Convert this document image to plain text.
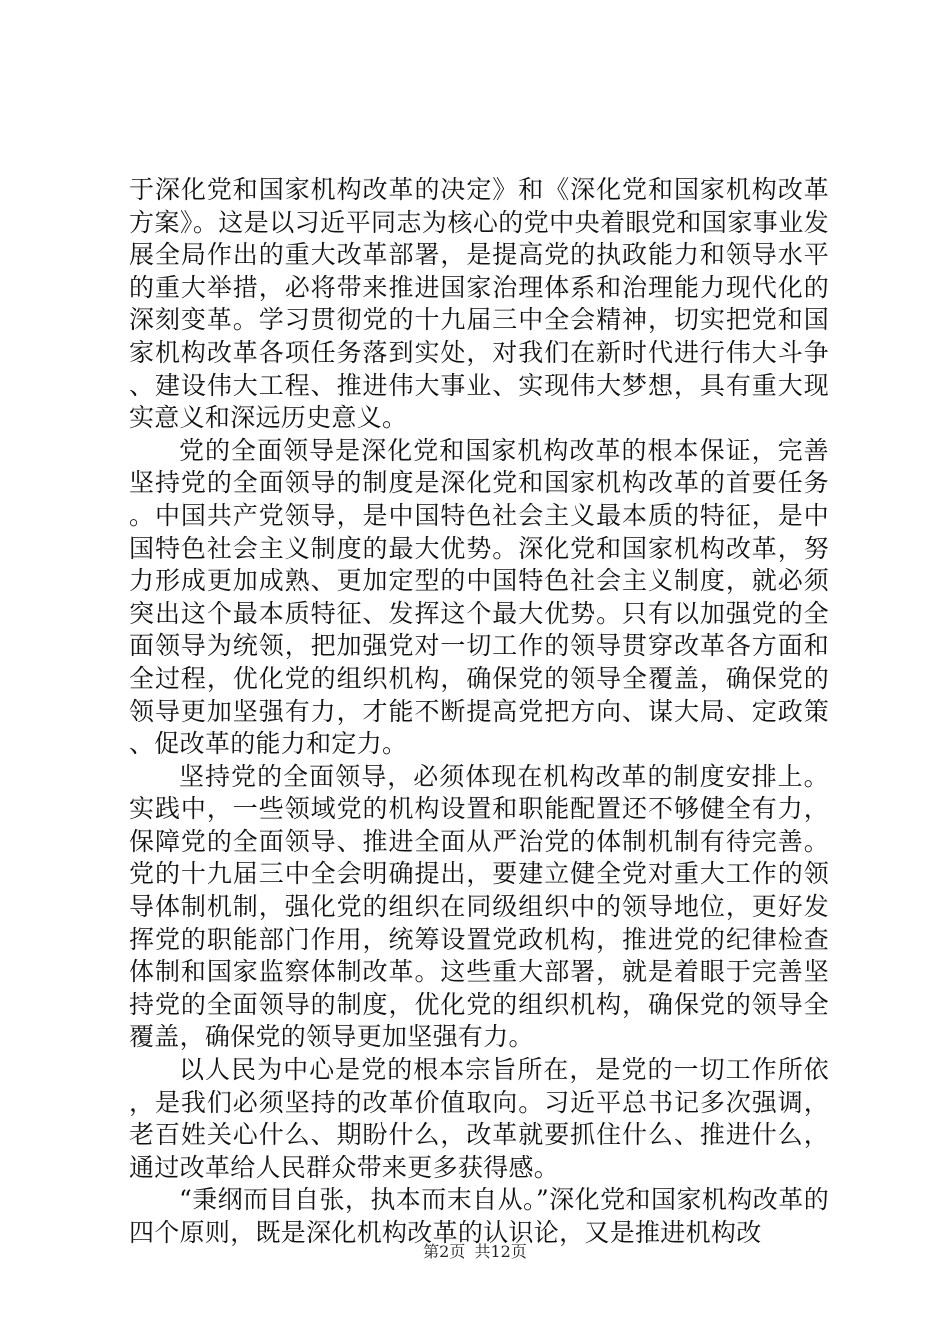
于深化党和国家机构改革的决定》和《深化党和国家机构改革方案》。这是以习近平同志为核心的党中央着眼党和国家事业发展全局作出的重大改革部署，是提高党的执政能力和领导水平的重大举措，必将带来推进国家治理体系和治理能力现代化的深刻变革。学习贯彻党的十九届三中全会精神，切实把党和国家机构改革各项任务落到实处，对我们在新时代进行伟大斗争、建设伟大工程、推进伟大事业、实现伟大梦想，具有重大现实意义和深远历史意义。

党的全面领导是深化党和国家机构改革的根本保证，完善坚持党的全面领导的制度是深化党和国家机构改革的首要任务。中国共产党领导，是中国特色社会主义最本质的特征，是中国特色社会主义制度的最大优势。深化党和国家机构改革，努力形成更加成熟、更加定型的中国特色社会主义制度，就必须突出这个最本质特征、发挥这个最大优势。只有以加强党的全面领导为统领，把加强党对一切工作的领导贯穿改革各方面和全过程，优化党的组织机构，确保党的领导全覆盖，确保党的领导更加坚强有力，才能不断提高党把方向、谋大局、定政策、促改革的能力和定力。

坚持党的全面领导，必须体现在机构改革的制度安排上。实践中，一些领域党的机构设置和职能配置还不够健全有力，保障党的全面领导、推进全面从严治党的体制机制有待完善。党的十九届三中全会明确提出，要建立健全党对重大工作的领导体制机制，强化党的组织在同级组织中的领导地位，更好发挥党的职能部门作用，统筹设置党政机构，推进党的纪律检查体制和国家监察体制改革。这些重大部署，就是着眼于完善坚持党的全面领导的制度，优化党的组织机构，确保党的领导全覆盖，确保党的领导更加坚强有力。

以人民为中心是党的根本宗旨所在，是党的一切工作所依，是我们必须坚持的改革价值取向。习近平总书记多次强调，老百姓关心什么、期盼什么，改革就要抓住什么、推进什么，通过改革给人民群众带来更多获得感。

“秉纲而目自张，执本而末自从。”深化党和国家机构改革的四个原则，既是深化机构改革的认识论，又是推进机构改

第2页 共12页
